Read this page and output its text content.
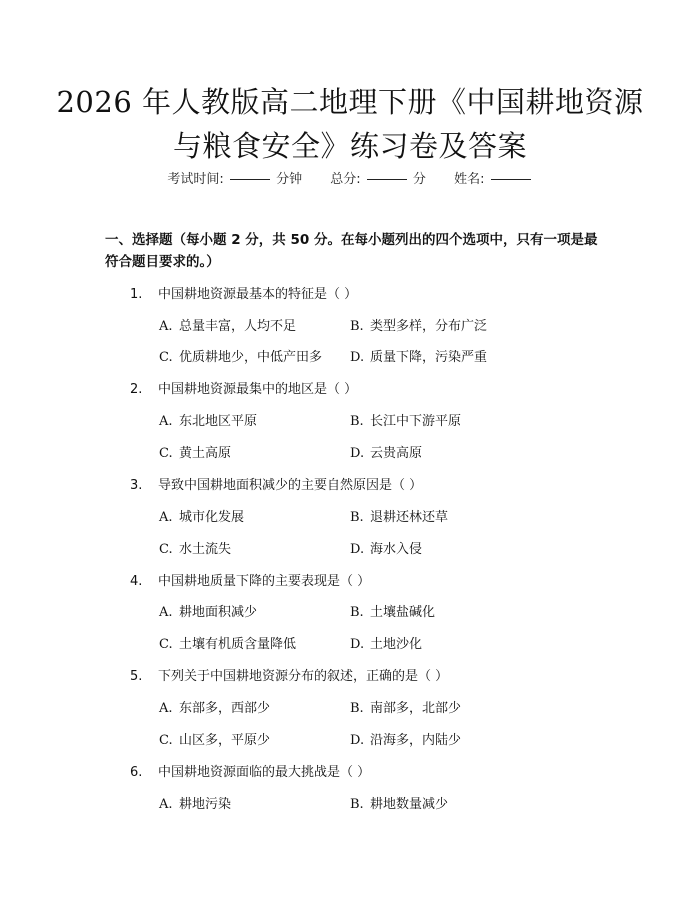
2026 年人教版高二地理下册《中国耕地资源
与粮食安全》练习卷及答案
考试时间:	分钟 总分:	分 姓名:
一、选择题（每小题 2 分，共 50 分。在每小题列出的四个选项中，只有一项是最符合题目要求的。）
1. 中国耕地资源最基本的特征是（ ）
A. 总量丰富，人均不足	B. 类型多样，分布广泛
C. 优质耕地少，中低产田多 D. 质量下降，污染严重
2. 中国耕地资源最集中的地区是（ ）
A. 东北地区平原	B. 长江中下游平原
C. 黄土高原	D. 云贵高原
3. 导致中国耕地面积减少的主要自然原因是（ ）
A. 城市化发展	B. 退耕还林还草
C. 水土流失	D. 海水入侵
4. 中国耕地质量下降的主要表现是（ ）
A. 耕地面积减少	B. 土壤盐碱化
C. 土壤有机质含量降低	D. 土地沙化
5. 下列关于中国耕地资源分布的叙述，正确的是（ ）
A. 东部多，西部少	B. 南部多，北部少
C. 山区多，平原少	D. 沿海多，内陆少
6. 中国耕地资源面临的最大挑战是（ ）
A. 耕地污染	B. 耕地数量减少
